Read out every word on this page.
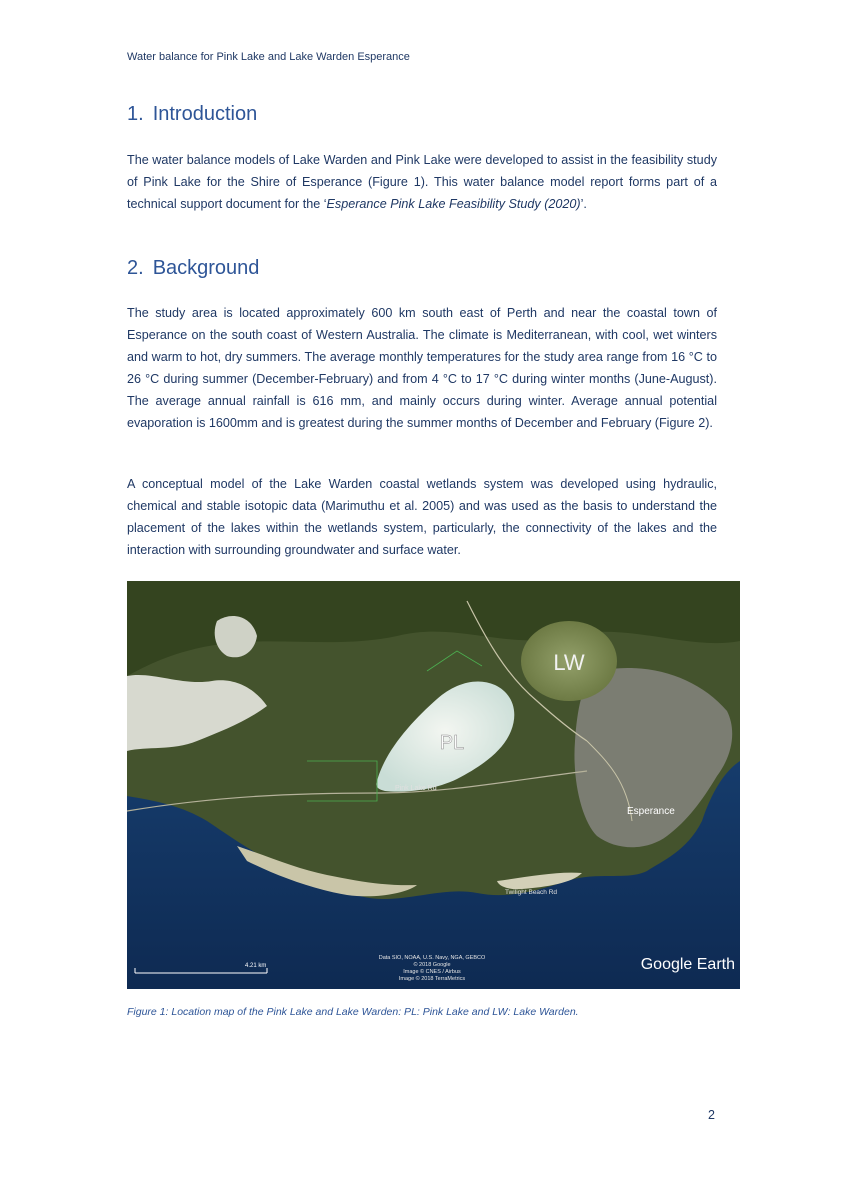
Water balance for Pink Lake and Lake Warden Esperance
1. Introduction

The water balance models of Lake Warden and Pink Lake were developed to assist in the feasibility study of Pink Lake for the Shire of Esperance (Figure 1). This water balance model report forms part of a technical support document for the ‘Esperance Pink Lake Feasibility Study (2020)’.

2. Background

The study area is located approximately 600 km south east of Perth and near the coastal town of Esperance on the south coast of Western Australia. The climate is Mediterranean, with cool, wet winters and warm to hot, dry summers. The average monthly temperatures for the study area range from 16 °C to 26 °C during summer (December-February) and from 4 °C to 17 °C during winter months (June-August). The average annual rainfall is 616 mm, and mainly occurs during winter. Average annual potential evaporation is 1600mm and is greatest during the summer months of December and February (Figure 2).

A conceptual model of the Lake Warden coastal wetlands system was developed using hydraulic, chemical and stable isotopic data (Marimuthu et al. 2005) and was used as the basis to understand the placement of the lakes within the wetlands system, particularly, the connectivity of the lakes and the interaction with surrounding groundwater and surface water.

LW
PL
Esperance
Pink Lake Rd
Twilight Beach Rd
4.21 km
Data SIO, NOAA, U.S. Navy, NGA, GEBCO
© 2018 Google
Image © CNES / Airbus
Image © 2018 TerraMetrics
Google Earth
Figure 1: Location map of the Pink Lake and Lake Warden: PL: Pink Lake and LW: Lake Warden.
2
